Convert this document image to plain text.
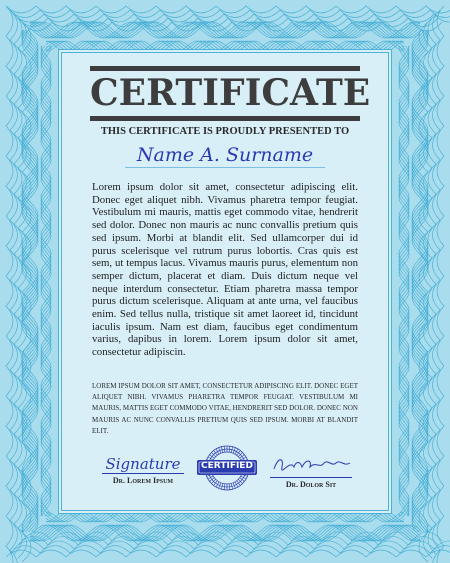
CERTIFICATE
THIS CERTIFICATE IS PROUDLY PRESENTED TO
Name A. Surname
Lorem ipsum dolor sit amet, consectetur adipiscing elit. Donec eget aliquet nibh. Vivamus pharetra tempor feugiat. Vestibulum mi mauris, mattis eget commodo vitae, hendrerit sed dolor. Donec non mauris ac nunc convallis pretium quis sed ipsum. Morbi at blandit elit. Sed ullamcorper dui id purus scelerisque vel rutrum purus lobortis. Cras quis est sem, ut tempus lacus. Vivamus mauris purus, elementum non semper dictum, placerat et diam. Duis dictum neque vel neque interdum consectetur. Etiam pharetra massa tempor purus dictum scelerisque. Aliquam at ante urna, vel faucibus enim. Sed tellus nulla, tristique sit amet laoreet id, tincidunt iaculis ipsum. Nam est diam, faucibus eget condimentum varius, dapibus in lorem. Lorem ipsum dolor sit amet, consectetur adipiscin.
LOREM IPSUM DOLOR SIT AMET, CONSECTETUR ADIPISCING ELIT. DONEC EGET ALIQUET NIBH. VIVAMUS PHARETRA TEMPOR FEUGIAT. VESTIBULUM MI MAURIS, MATTIS EGET COMMODO VITAE, HENDRERIT SED DOLOR. DONEC NON MAURIS AC NUNC CONVALLIS PRETIUM QUIS SED IPSUM. MORBI AT BLANDIT ELIT.
Signature
Dr. Lorem Ipsum
CERTIFIED
Dr. Dolor Sit
